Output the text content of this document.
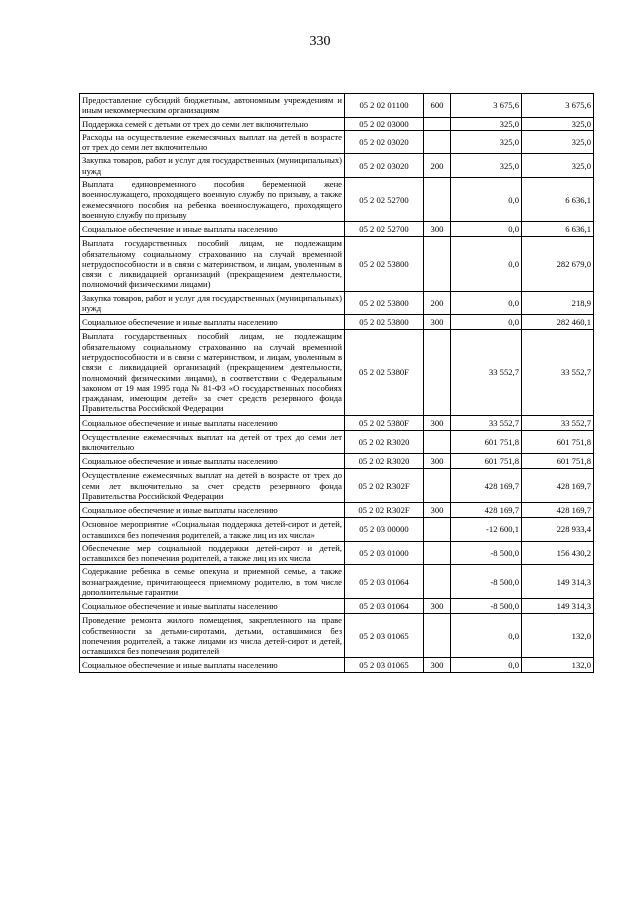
330
Предоставление субсидий бюджетным, автономным учреждениям и иным некоммерческим организациям	05 2 02 01100	600	3 675,6	3 675,6
Поддержка семей с детьми от трех до семи лет включительно	05 2 02 03000		325,0	325,0
Расходы на осуществление ежемесячных выплат на детей в возрасте от трех до семи лет включительно	05 2 02 03020		325,0	325,0
Закупка товаров, работ и услуг для государственных (муниципальных) нужд	05 2 02 03020	200	325,0	325,0
Выплата единовременного пособия беременной жене военнослужащего, проходящего военную службу по призыву, а также ежемесячного пособия на ребенка военнослужащего, проходящего военную службу по призыву	05 2 02 52700		0,0	6 636,1
Социальное обеспечение и иные выплаты населению	05 2 02 52700	300	0,0	6 636,1
Выплата государственных пособий лицам, не подлежащим обязательному социальному страхованию на случай временной нетрудоспособности и в связи с материнством, и лицам, уволенным в связи с ликвидацией организаций (прекращением деятельности, полномочий физическими лицами)	05 2 02 53800		0,0	282 679,0
Закупка товаров, работ и услуг для государственных (муниципальных) нужд	05 2 02 53800	200	0,0	218,9
Социальное обеспечение и иные выплаты населению	05 2 02 53800	300	0,0	282 460,1
Выплата государственных пособий лицам, не подлежащим обязательному социальному страхованию на случай временной нетрудоспособности и в связи с материнством, и лицам, уволенным в связи с ликвидацией организаций (прекращением деятельности, полномочий физическими лицами), в соответствии с Федеральным законом от 19 мая 1995 года № 81-ФЗ «О государственных пособиях гражданам, имеющим детей» за счет средств резервного фонда Правительства Российской Федерации	05 2 02 5380F		33 552,7	33 552,7
Социальное обеспечение и иные выплаты населению	05 2 02 5380F	300	33 552,7	33 552,7
Осуществление ежемесячных выплат на детей от трех до семи лет включительно	05 2 02 R3020		601 751,8	601 751,8
Социальное обеспечение и иные выплаты населению	05 2 02 R3020	300	601 751,8	601 751,8
Осуществление ежемесячных выплат на детей в возрасте от трех до семи лет включительно за счет средств резервного фонда Правительства Российской Федерации	05 2 02 R302F		428 169,7	428 169,7
Социальное обеспечение и иные выплаты населению	05 2 02 R302F	300	428 169,7	428 169,7
Основное мероприятие «Социальная поддержка детей-сирот и детей, оставшихся без попечения родителей, а также лиц из их числа»	05 2 03 00000		-12 600,1	228 933,4
Обеспечение мер социальной поддержки детей-сирот и детей, оставшихся без попечения родителей, а также лиц из их числа	05 2 03 01000		-8 500,0	156 430,2
Содержание ребенка в семье опекуна и приемной семье, а также вознаграждение, причитающееся приемному родителю, в том числе дополнительные гарантии	05 2 03 01064		-8 500,0	149 314,3
Социальное обеспечение и иные выплаты населению	05 2 03 01064	300	-8 500,0	149 314,3
Проведение ремонта жилого помещения, закрепленного на праве собственности за детьми-сиротами, детьми, оставшимися без попечения родителей, а также лицами из числа детей-сирот и детей, оставшихся без попечения родителей	05 2 03 01065		0,0	132,0
Социальное обеспечение и иные выплаты населению	05 2 03 01065	300	0,0	132,0
